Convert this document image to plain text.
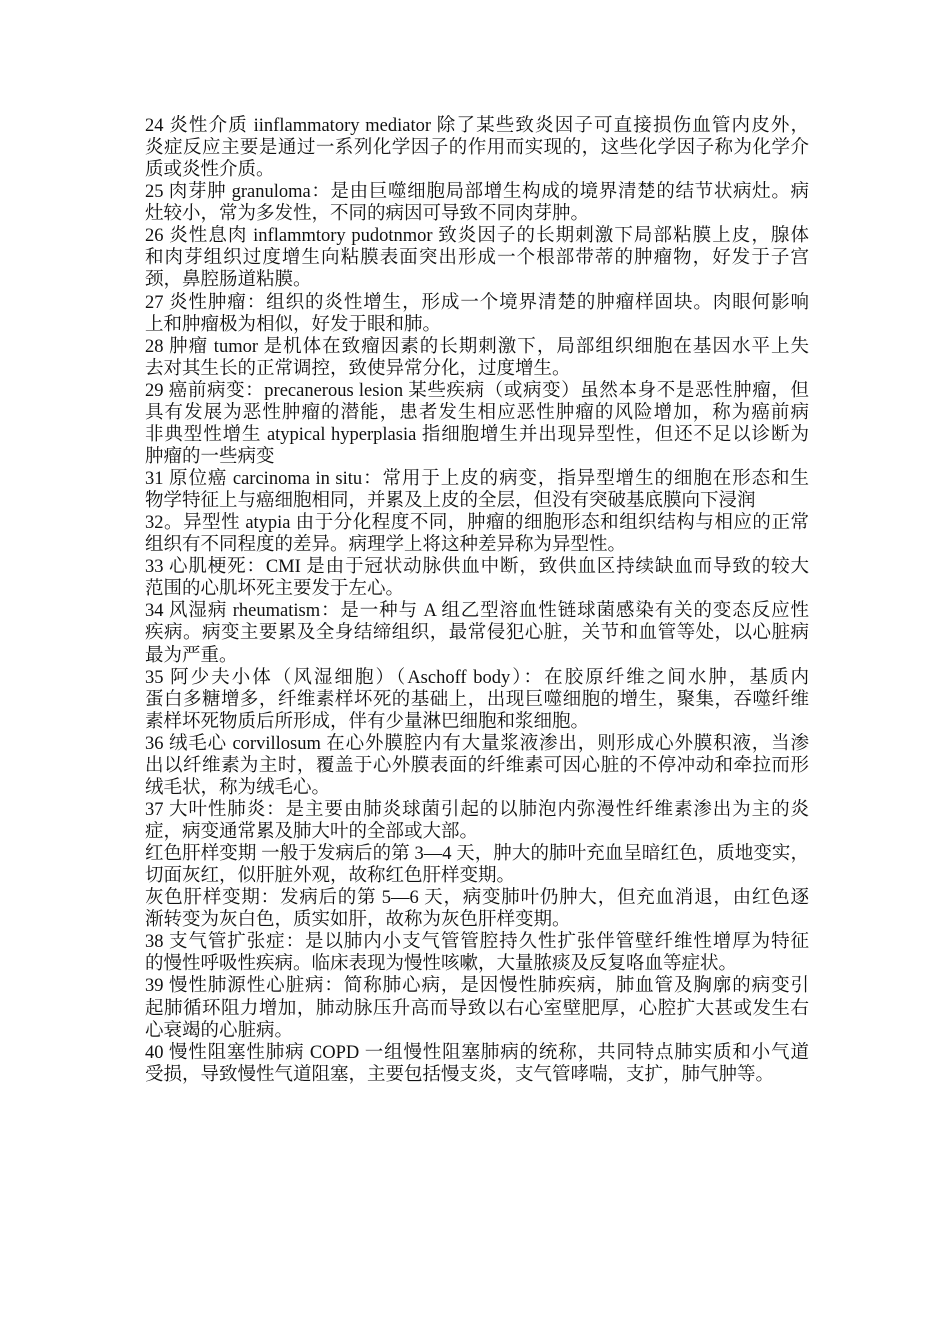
24 炎性介质 iinflammatory mediator 除了某些致炎因子可直接损伤血管内皮外，
炎症反应主要是通过一系列化学因子的作用而实现的，这些化学因子称为化学介
质或炎性介质。
25 肉芽肿 granuloma：是由巨噬细胞局部增生构成的境界清楚的结节状病灶。病
灶较小，常为多发性，不同的病因可导致不同肉芽肿。
26 炎性息肉 inflammtory pudotnmor 致炎因子的长期刺激下局部粘膜上皮，腺体
和肉芽组织过度增生向粘膜表面突出形成一个根部带蒂的肿瘤物，好发于子宫
颈，鼻腔肠道粘膜。
27 炎性肿瘤：组织的炎性增生，形成一个境界清楚的肿瘤样固块。肉眼何影响
上和肿瘤极为相似，好发于眼和肺。
28 肿瘤 tumor 是机体在致瘤因素的长期刺激下，局部组织细胞在基因水平上失
去对其生长的正常调控，致使异常分化，过度增生。
29 癌前病变：precanerous lesion 某些疾病（或病变）虽然本身不是恶性肿瘤，但
具有发展为恶性肿瘤的潜能，患者发生相应恶性肿瘤的风险增加，称为癌前病
非典型性增生 atypical hyperplasia 指细胞增生并出现异型性，但还不足以诊断为
肿瘤的一些病变
31 原位癌 carcinoma in situ：常用于上皮的病变，指异型增生的细胞在形态和生
物学特征上与癌细胞相同，并累及上皮的全层，但没有突破基底膜向下浸润
32。异型性 atypia 由于分化程度不同，肿瘤的细胞形态和组织结构与相应的正常
组织有不同程度的差异。病理学上将这种差异称为异型性。
33 心肌梗死：CMI 是由于冠状动脉供血中断，致供血区持续缺血而导致的较大
范围的心肌坏死主要发于左心。
34 风湿病 rheumatism：是一种与 A 组乙型溶血性链球菌感染有关的变态反应性
疾病。病变主要累及全身结缔组织，最常侵犯心脏，关节和血管等处，以心脏病
最为严重。
35 阿少夫小体（风湿细胞）（Aschoff body）：在胶原纤维之间水肿，基质内
蛋白多糖增多，纤维素样坏死的基础上，出现巨噬细胞的增生，聚集，吞噬纤维
素样坏死物质后所形成，伴有少量淋巴细胞和浆细胞。
36 绒毛心 corvillosum 在心外膜腔内有大量浆液渗出，则形成心外膜积液，当渗
出以纤维素为主时，覆盖于心外膜表面的纤维素可因心脏的不停冲动和牵拉而形
绒毛状，称为绒毛心。
37 大叶性肺炎：是主要由肺炎球菌引起的以肺泡内弥漫性纤维素渗出为主的炎
症，病变通常累及肺大叶的全部或大部。
红色肝样变期 一般于发病后的第 3—4 天，肿大的肺叶充血呈暗红色，质地变实，
切面灰红，似肝脏外观，故称红色肝样变期。
灰色肝样变期：发病后的第 5—6 天，病变肺叶仍肿大，但充血消退，由红色逐
渐转变为灰白色，质实如肝，故称为灰色肝样变期。
38 支气管扩张症：是以肺内小支气管管腔持久性扩张伴管壁纤维性增厚为特征
的慢性呼吸性疾病。临床表现为慢性咳嗽，大量脓痰及反复咯血等症状。
39 慢性肺源性心脏病：简称肺心病，是因慢性肺疾病，肺血管及胸廓的病变引
起肺循环阻力增加，肺动脉压升高而导致以右心室壁肥厚，心腔扩大甚或发生右
心衰竭的心脏病。
40 慢性阻塞性肺病 COPD 一组慢性阻塞肺病的统称，共同特点肺实质和小气道
受损，导致慢性气道阻塞，主要包括慢支炎，支气管哮喘，支扩，肺气肿等。
